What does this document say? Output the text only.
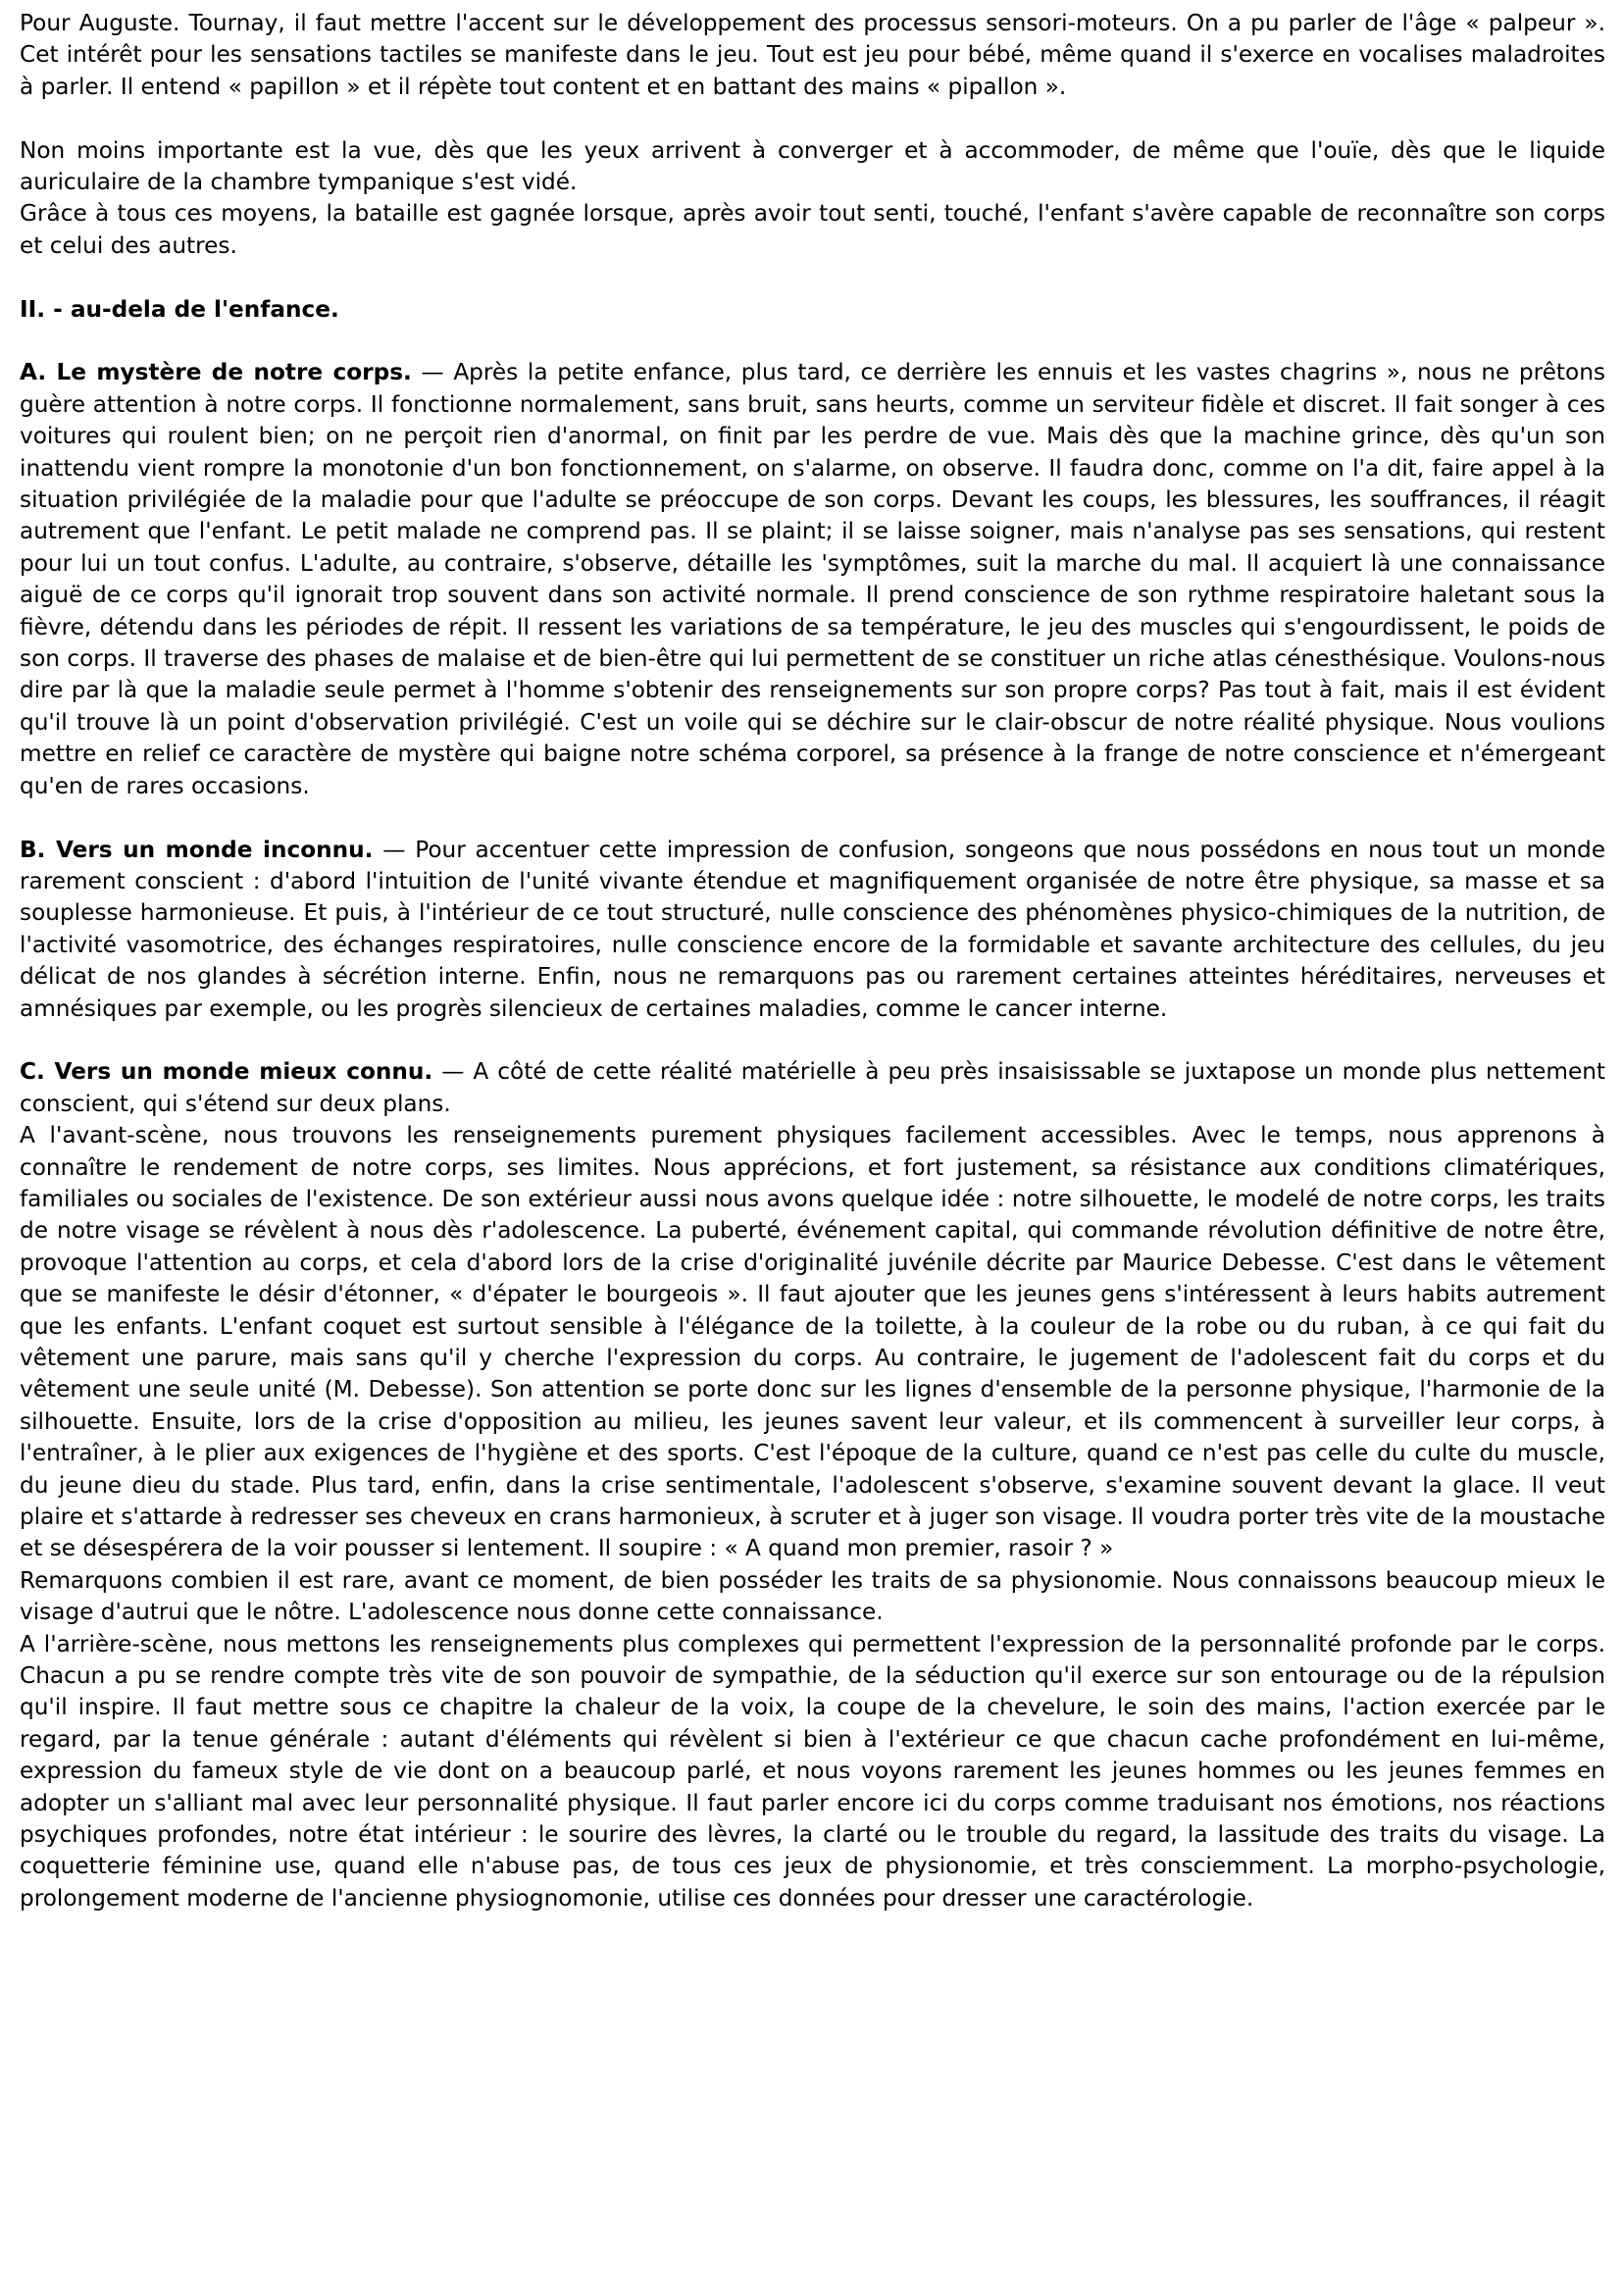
Pour Auguste. Tournay, il faut mettre l'accent sur le développement des processus sensori-moteurs. On a pu parler de l'âge « palpeur ». Cet intérêt pour les sensations tactiles se manifeste dans le jeu. Tout est jeu pour bébé, même quand il s'exerce en vocalises maladroites à parler. Il entend « papillon » et il répète tout content et en battant des mains « pipallon ».

Non moins importante est la vue, dès que les yeux arrivent à converger et à accommoder, de même que l'ouïe, dès que le liquide auriculaire de la chambre tympanique s'est vidé.

Grâce à tous ces moyens, la bataille est gagnée lorsque, après avoir tout senti, touché, l'enfant s'avère capable de reconnaître son corps et celui des autres.

II. - au-dela de l'enfance.

A. Le mystère de notre corps. — Après la petite enfance, plus tard, ce derrière les ennuis et les vastes chagrins », nous ne prêtons guère attention à notre corps. Il fonctionne normalement, sans bruit, sans heurts, comme un serviteur fidèle et discret. Il fait songer à ces voitures qui roulent bien; on ne perçoit rien d'anormal, on finit par les perdre de vue. Mais dès que la machine grince, dès qu'un son inattendu vient rompre la monotonie d'un bon fonctionnement, on s'alarme, on observe. Il faudra donc, comme on l'a dit, faire appel à la situation privilégiée de la maladie pour que l'adulte se préoccupe de son corps. Devant les coups, les blessures, les souffrances, il réagit autrement que l'enfant. Le petit malade ne comprend pas. Il se plaint; il se laisse soigner, mais n'analyse pas ses sensations, qui restent pour lui un tout confus. L'adulte, au contraire, s'observe, détaille les 'symptômes, suit la marche du mal. Il acquiert là une connaissance aiguë de ce corps qu'il ignorait trop souvent dans son activité normale. Il prend conscience de son rythme respiratoire haletant sous la fièvre, détendu dans les périodes de répit. Il ressent les variations de sa température, le jeu des muscles qui s'engourdissent, le poids de son corps. Il traverse des phases de malaise et de bien-être qui lui permettent de se constituer un riche atlas cénesthésique. Voulons-nous dire par là que la maladie seule permet à l'homme s'obtenir des renseignements sur son propre corps? Pas tout à fait, mais il est évident qu'il trouve là un point d'observation privilégié. C'est un voile qui se déchire sur le clair-obscur de notre réalité physique. Nous voulions mettre en relief ce caractère de mystère qui baigne notre schéma corporel, sa présence à la frange de notre conscience et n'émergeant qu'en de rares occasions.

B. Vers un monde inconnu. — Pour accentuer cette impression de confusion, songeons que nous possédons en nous tout un monde rarement conscient : d'abord l'intuition de l'unité vivante étendue et magnifiquement organisée de notre être physique, sa masse et sa souplesse harmonieuse. Et puis, à l'intérieur de ce tout structuré, nulle conscience des phénomènes physico-chimiques de la nutrition, de l'activité vasomotrice, des échanges respiratoires, nulle conscience encore de la formidable et savante architecture des cellules, du jeu délicat de nos glandes à sécrétion interne. Enfin, nous ne remarquons pas ou rarement certaines atteintes héréditaires, nerveuses et amnésiques par exemple, ou les progrès silencieux de certaines maladies, comme le cancer interne.

C. Vers un monde mieux connu. — A côté de cette réalité matérielle à peu près insaisissable se juxtapose un monde plus nettement conscient, qui s'étend sur deux plans.

A l'avant-scène, nous trouvons les renseignements purement physiques facilement accessibles. Avec le temps, nous apprenons à connaître le rendement de notre corps, ses limites. Nous apprécions, et fort justement, sa résistance aux conditions climatériques, familiales ou sociales de l'existence. De son extérieur aussi nous avons quelque idée : notre silhouette, le modelé de notre corps, les traits de notre visage se révèlent à nous dès r'adolescence. La puberté, événement capital, qui commande révolution définitive de notre être, provoque l'attention au corps, et cela d'abord lors de la crise d'originalité juvénile décrite par Maurice Debesse. C'est dans le vêtement que se manifeste le désir d'étonner, « d'épater le bourgeois ». Il faut ajouter que les jeunes gens s'intéressent à leurs habits autrement que les enfants. L'enfant coquet est surtout sensible à l'élégance de la toilette, à la couleur de la robe ou du ruban, à ce qui fait du vêtement une parure, mais sans qu'il y cherche l'expression du corps. Au contraire, le jugement de l'adolescent fait du corps et du vêtement une seule unité (M. Debesse). Son attention se porte donc sur les lignes d'ensemble de la personne physique, l'harmonie de la silhouette. Ensuite, lors de la crise d'opposition au milieu, les jeunes savent leur valeur, et ils commencent à surveiller leur corps, à l'entraîner, à le plier aux exigences de l'hygiène et des sports. C'est l'époque de la culture, quand ce n'est pas celle du culte du muscle, du jeune dieu du stade. Plus tard, enfin, dans la crise sentimentale, l'adolescent s'observe, s'examine souvent devant la glace. Il veut plaire et s'attarde à redresser ses cheveux en crans harmonieux, à scruter et à juger son visage. Il voudra porter très vite de la moustache et se désespérera de la voir pousser si lentement. Il soupire : « A quand mon premier, rasoir ? »

Remarquons combien il est rare, avant ce moment, de bien posséder les traits de sa physionomie. Nous connaissons beaucoup mieux le visage d'autrui que le nôtre. L'adolescence nous donne cette connaissance.

A l'arrière-scène, nous mettons les renseignements plus complexes qui permettent l'expression de la personnalité profonde par le corps. Chacun a pu se rendre compte très vite de son pouvoir de sympathie, de la séduction qu'il exerce sur son entourage ou de la répulsion qu'il inspire. Il faut mettre sous ce chapitre la chaleur de la voix, la coupe de la chevelure, le soin des mains, l'action exercée par le regard, par la tenue générale : autant d'éléments qui révèlent si bien à l'extérieur ce que chacun cache profondément en lui-même, expression du fameux style de vie dont on a beaucoup parlé, et nous voyons rarement les jeunes hommes ou les jeunes femmes en adopter un s'alliant mal avec leur personnalité physique. Il faut parler encore ici du corps comme traduisant nos émotions, nos réactions psychiques profondes, notre état intérieur : le sourire des lèvres, la clarté ou le trouble du regard, la lassitude des traits du visage. La coquetterie féminine use, quand elle n'abuse pas, de tous ces jeux de physionomie, et très consciemment. La morpho-psychologie, prolongement moderne de l'ancienne physiognomonie, utilise ces données pour dresser une caractérologie.
